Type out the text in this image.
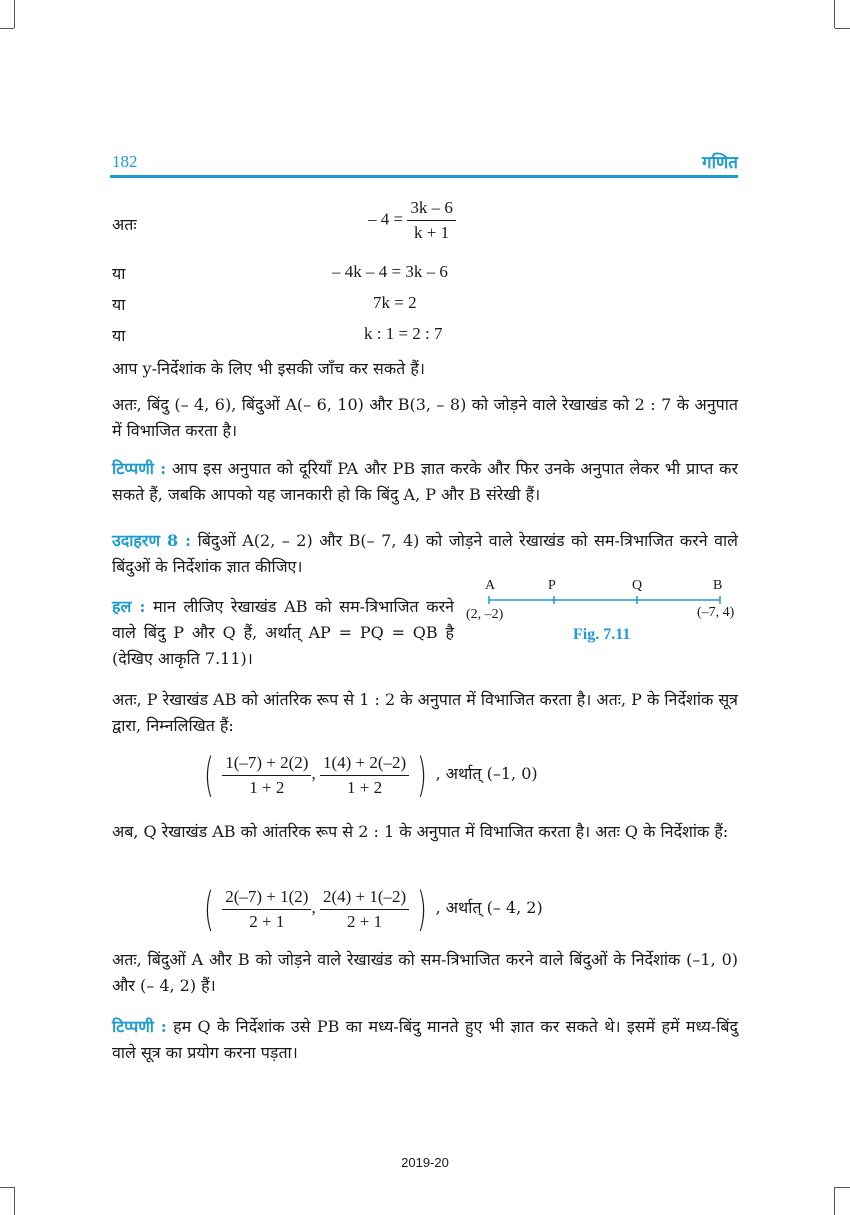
182	गणित
अतः	– $4 = \frac{3k - 6}{k + 1}$
या	– 4k – 4 = 3k – 6
या	7k = 2
या	k : 1 = 2 : 7
आप y-निर्देशांक के लिए भी इसकी जाँच कर सकते हैं।
अतः, बिंदु (– 4, 6), बिंदुओं A(– 6, 10) और B(3, – 8) को जोड़ने वाले रेखाखंड को 2 : 7 के अनुपात में विभाजित करता है।
टिप्पणी : आप इस अनुपात को दूरियाँ PA और PB ज्ञात करके और फिर उनके अनुपात लेकर भी प्राप्त कर सकते हैं, जबकि आपको यह जानकारी हो कि बिंदु A, P और B संरेखी हैं।
उदाहरण 8 : बिंदुओं A(2, – 2) और B(– 7, 4) को जोड़ने वाले रेखाखंड को सम-त्रिभाजित करने वाले बिंदुओं के निर्देशांक ज्ञात कीजिए।
हल : मान लीजिए रेखाखंड AB को सम-त्रिभाजित करने वाले बिंदु P और Q हैं, अर्थात् AP = PQ = QB है (देखिए आकृति 7.11)।
A	P	Q	B
(2, –2)	(–7, 4)
Fig. 7.11
अतः, P रेखाखंड AB को आंतरिक रूप से 1 : 2 के अनुपात में विभाजित करता है। अतः, P के निर्देशांक सूत्र द्वारा, निम्नलिखित हैं:
( $\frac{1(-7) + 2(2)}{1 + 2}$ , $\frac{1(4) + 2(-2)}{1 + 2}$ ) , अर्थात् (–1, 0)
अब, Q रेखाखंड AB को आंतरिक रूप से 2 : 1 के अनुपात में विभाजित करता है। अतः Q के निर्देशांक हैं:
( $\frac{2(-7) + 1(2)}{2 + 1}$ , $\frac{2(4) + 1(-2)}{2 + 1}$ ) , अर्थात् (– 4, 2)
अतः, बिंदुओं A और B को जोड़ने वाले रेखाखंड को सम-त्रिभाजित करने वाले बिंदुओं के निर्देशांक (–1, 0) और (– 4, 2) हैं।
टिप्पणी : हम Q के निर्देशांक उसे PB का मध्य-बिंदु मानते हुए भी ज्ञात कर सकते थे। इसमें हमें मध्य-बिंदु वाले सूत्र का प्रयोग करना पड़ता।
2019-20
